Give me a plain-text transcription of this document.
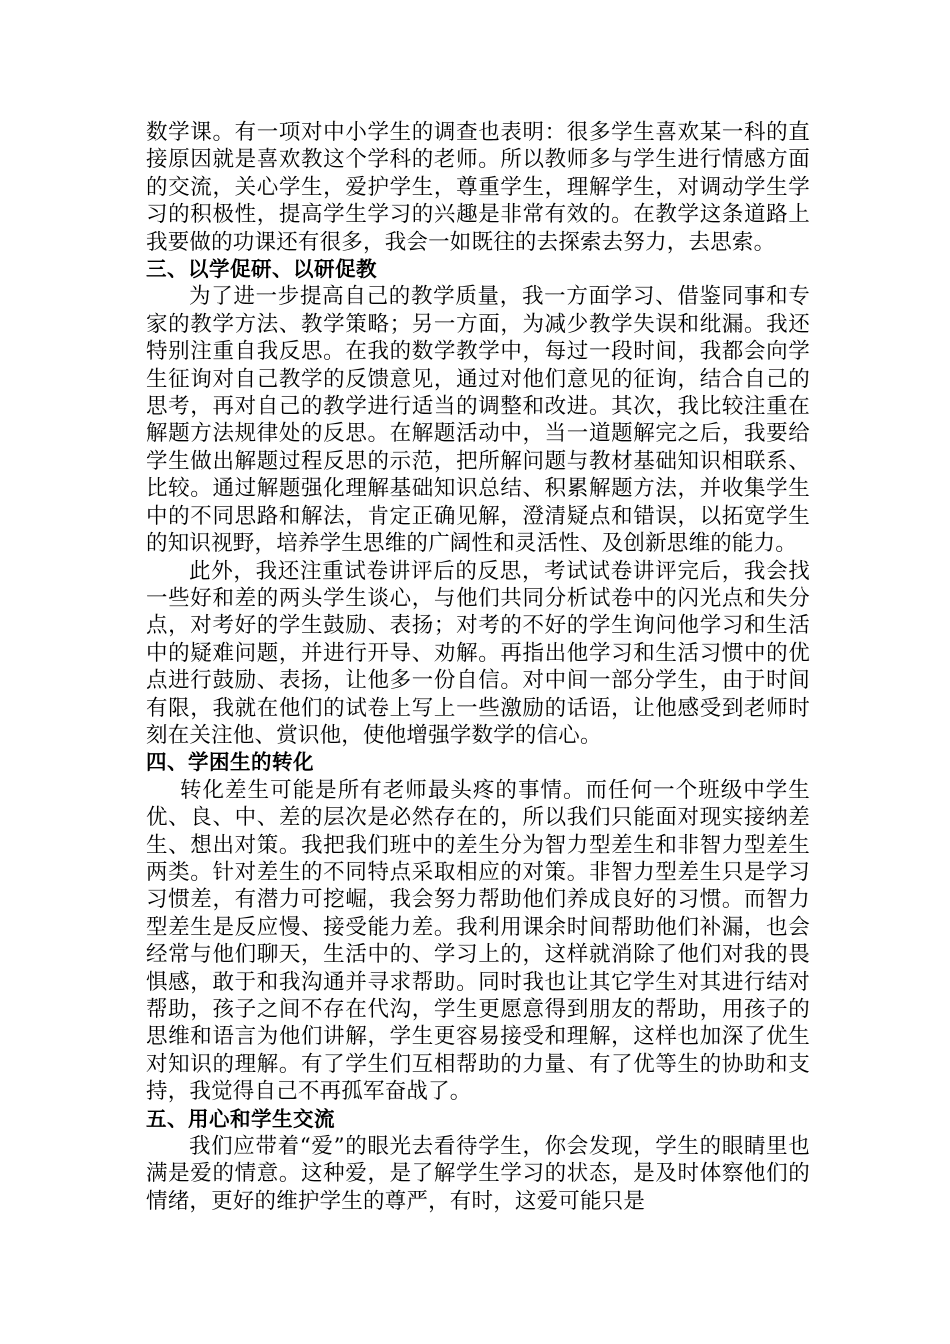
数学课。有一项对中小学生的调查也表明：很多学生喜欢某一科的直接原因就是喜欢教这个学科的老师。所以教师多与学生进行情感方面的交流，关心学生，爱护学生，尊重学生，理解学生，对调动学生学习的积极性，提高学生学习的兴趣是非常有效的。在教学这条道路上我要做的功课还有很多，我会一如既往的去探索去努力，去思索。

三、以学促研、以研促教

为了进一步提高自己的教学质量，我一方面学习、借鉴同事和专家的教学方法、教学策略；另一方面，为减少教学失误和纰漏。我还特别注重自我反思。在我的数学教学中，每过一段时间，我都会向学生征询对自己教学的反馈意见，通过对他们意见的征询，结合自己的思考，再对自己的教学进行适当的调整和改进。其次，我比较注重在解题方法规律处的反思。在解题活动中，当一道题解完之后，我要给学生做出解题过程反思的示范，把所解问题与教材基础知识相联系、比较。通过解题强化理解基础知识总结、积累解题方法，并收集学生中的不同思路和解法，肯定正确见解，澄清疑点和错误，以拓宽学生的知识视野，培养学生思维的广阔性和灵活性、及创新思维的能力。

此外，我还注重试卷讲评后的反思，考试试卷讲评完后，我会找一些好和差的两头学生谈心，与他们共同分析试卷中的闪光点和失分点，对考好的学生鼓励、表扬；对考的不好的学生询问他学习和生活中的疑难问题，并进行开导、劝解。再指出他学习和生活习惯中的优点进行鼓励、表扬，让他多一份自信。对中间一部分学生，由于时间有限，我就在他们的试卷上写上一些激励的话语，让他感受到老师时刻在关注他、赏识他，使他增强学数学的信心。

四、学困生的转化

转化差生可能是所有老师最头疼的事情。而任何一个班级中学生优、良、中、差的层次是必然存在的，所以我们只能面对现实接纳差生、想出对策。我把我们班中的差生分为智力型差生和非智力型差生两类。针对差生的不同特点采取相应的对策。非智力型差生只是学习习惯差，有潜力可挖崛，我会努力帮助他们养成良好的习惯。而智力型差生是反应慢、接受能力差。我利用课余时间帮助他们补漏，也会经常与他们聊天，生活中的、学习上的，这样就消除了他们对我的畏惧感，敢于和我沟通并寻求帮助。同时我也让其它学生对其进行结对帮助，孩子之间不存在代沟，学生更愿意得到朋友的帮助，用孩子的思维和语言为他们讲解，学生更容易接受和理解，这样也加深了优生对知识的理解。有了学生们互相帮助的力量、有了优等生的协助和支持，我觉得自己不再孤军奋战了。

五、用心和学生交流

我们应带着“爱”的眼光去看待学生，你会发现，学生的眼睛里也满是爱的情意。这种爱，是了解学生学习的状态，是及时体察他们的情绪，更好的维护学生的尊严，有时，这爱可能只是
